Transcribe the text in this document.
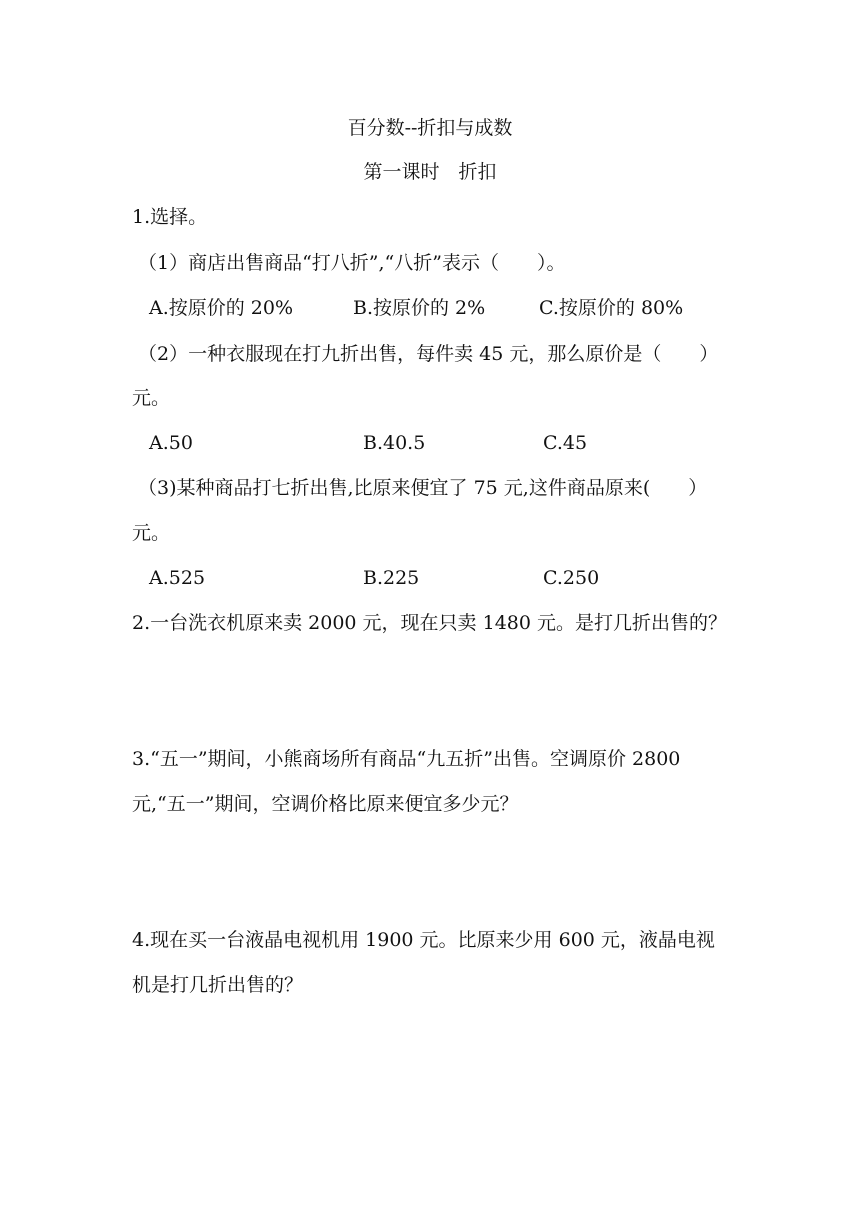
百分数--折扣与成数
第一课时　折扣
1.选择。
（1）商店出售商品“打八折”,“八折”表示（　　）。
A.按原价的 20%	B.按原价的 2%	C.按原价的 80%
（2）一种衣服现在打九折出售，每件卖 45 元，那么原价是（　　）
元。
A.50	B.40.5	C.45
（3)某种商品打七折出售,比原来便宜了 75 元,这件商品原来(　　）
元。
A.525	B.225	C.250
2.一台洗衣机原来卖 2000 元，现在只卖 1480 元。是打几折出售的？
3.“五一”期间，小熊商场所有商品“九五折”出售。空调原价 2800
元,“五一”期间，空调价格比原来便宜多少元？
4.现在买一台液晶电视机用 1900 元。比原来少用 600 元，液晶电视
机是打几折出售的？
